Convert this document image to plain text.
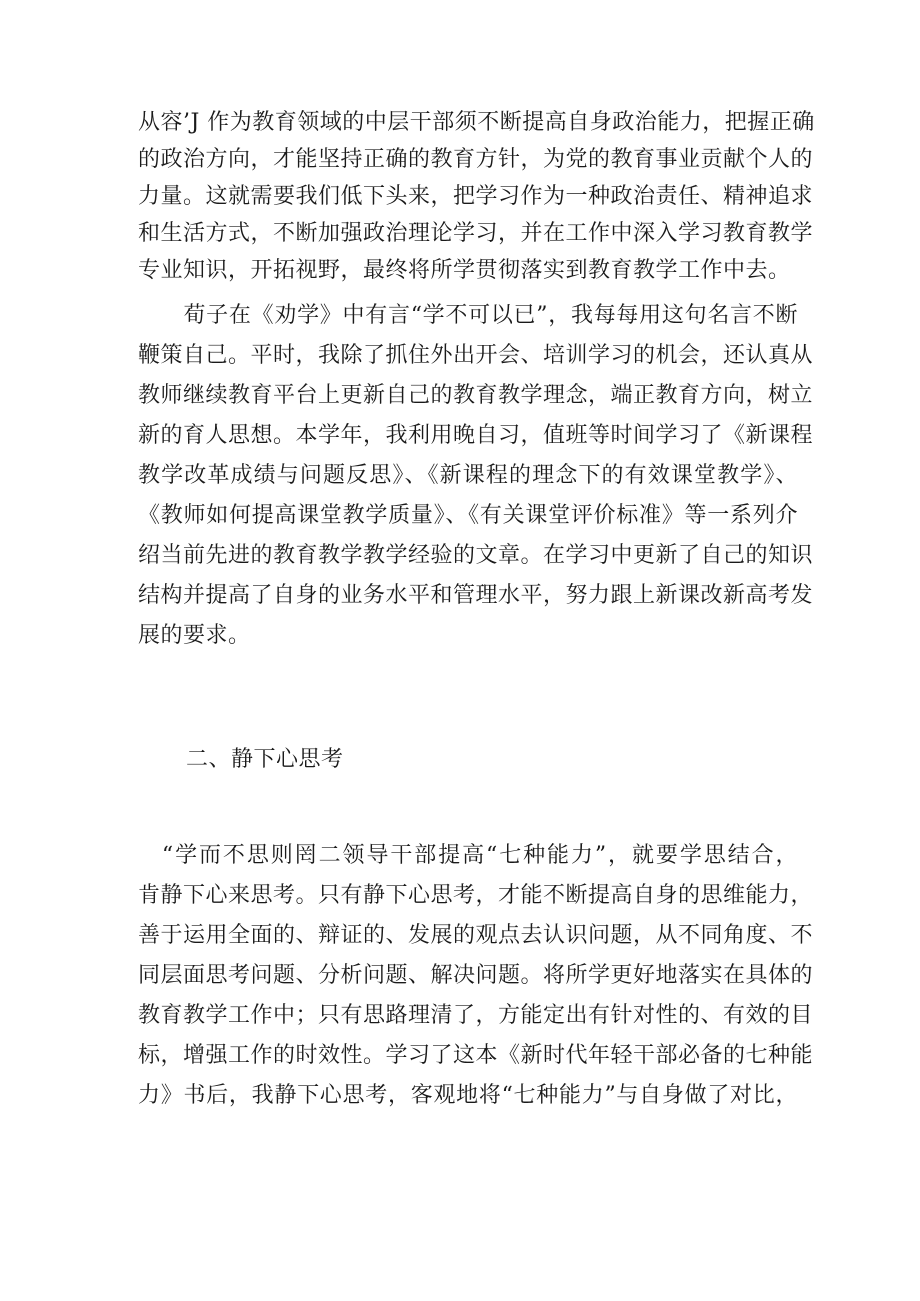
从容’J 作为教育领域的中层干部须不断提高自身政治能力，把握正确
的政治方向，才能坚持正确的教育方针，为党的教育事业贡献个人的
力量。这就需要我们低下头来，把学习作为一种政治责任、精神追求
和生活方式，不断加强政治理论学习，并在工作中深入学习教育教学
专业知识，开拓视野，最终将所学贯彻落实到教育教学工作中去。
　　荀子在《劝学》中有言“学不可以已”，我每每用这句名言不断
鞭策自己。平时，我除了抓住外出开会、培训学习的机会，还认真从
教师继续教育平台上更新自己的教育教学理念，端正教育方向，树立
新的育人思想。本学年，我利用晚自习，值班等时间学习了《新课程
教学改革成绩与问题反思》、《新课程的理念下的有效课堂教学》、
《教师如何提高课堂教学质量》、《有关课堂评价标准》等一系列介
绍当前先进的教育教学教学经验的文章。在学习中更新了自己的知识
结构并提高了自身的业务水平和管理水平，努力跟上新课改新高考发
展的要求。
二、静下心思考
　“学而不思则罔二领导干部提高“七种能力”，就要学思结合，
肯静下心来思考。只有静下心思考，才能不断提高自身的思维能力，
善于运用全面的、辩证的、发展的观点去认识问题，从不同角度、不
同层面思考问题、分析问题、解决问题。将所学更好地落实在具体的
教育教学工作中；只有思路理清了，方能定出有针对性的、有效的目
标，增强工作的时效性。学习了这本《新时代年轻干部必备的七种能
力》书后，我静下心思考，客观地将“七种能力”与自身做了对比，
